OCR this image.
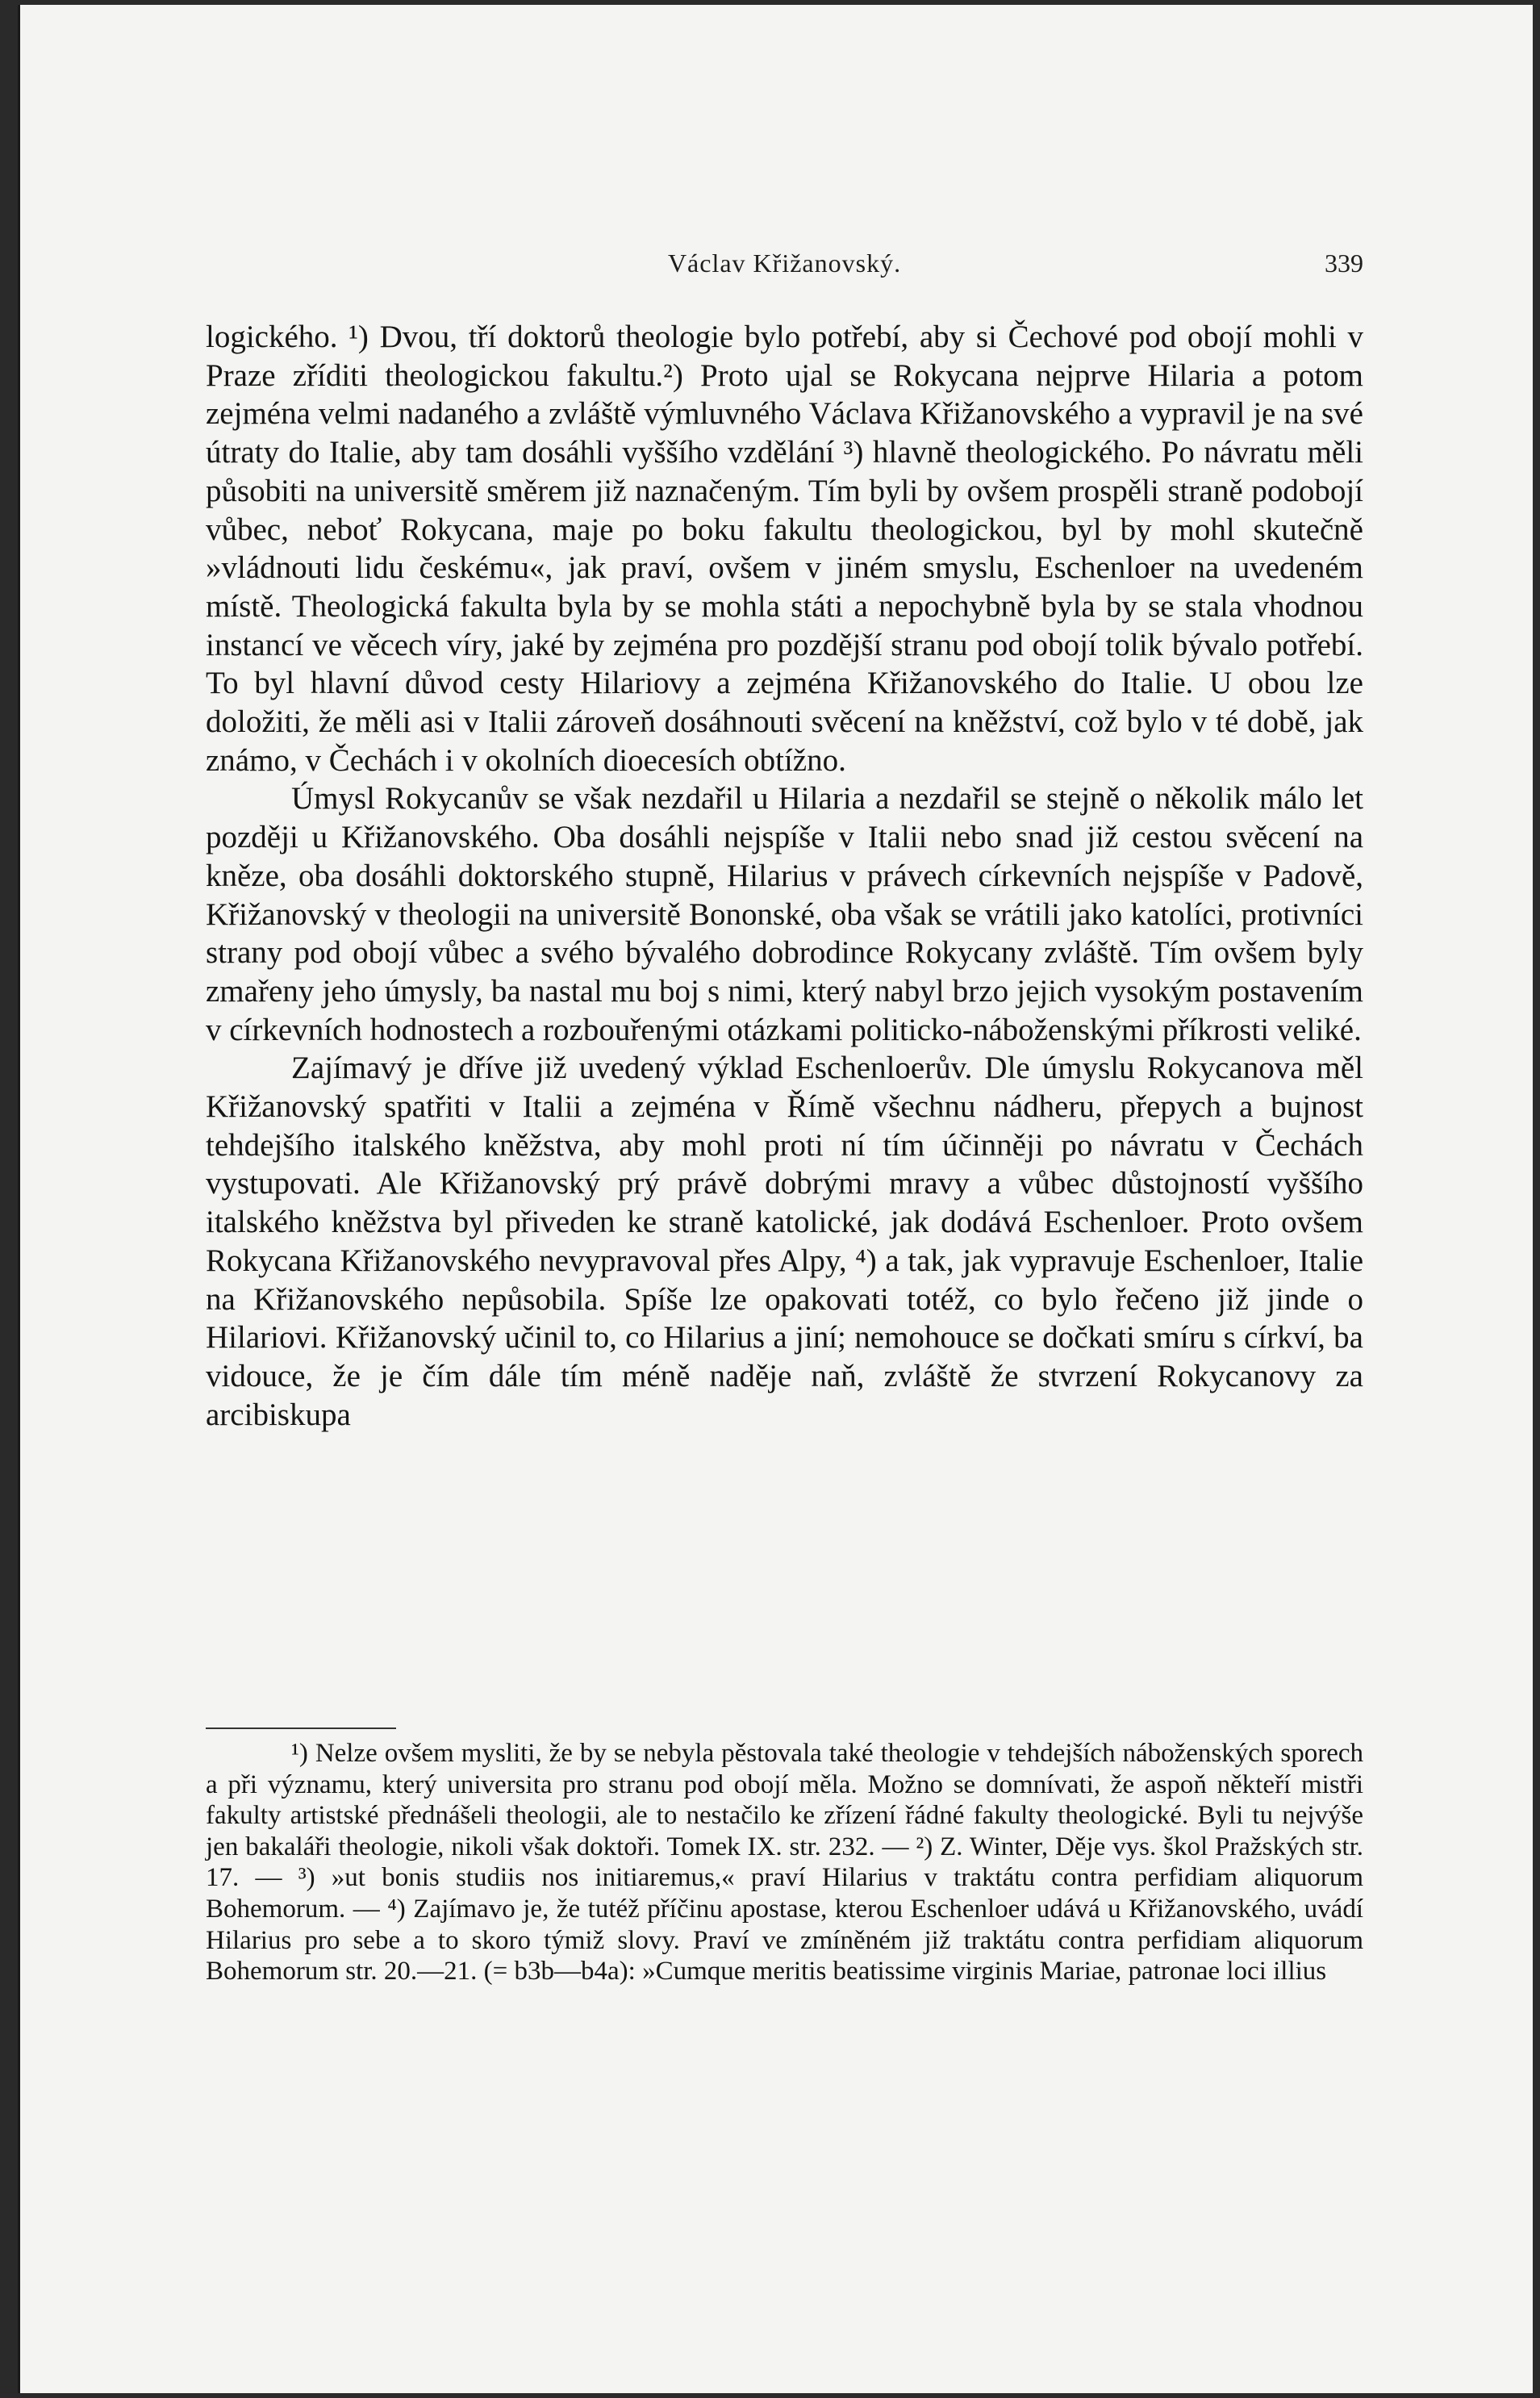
Václav Křižanovský.	339

logického. ¹) Dvou, tří doktorů theologie bylo potřebí, aby si Čechové pod obojí mohli v Praze zříditi theologickou fakultu.²) Proto ujal se Rokycana nejprve Hilaria a potom zejména velmi nadaného a zvláště výmluvného Václava Křižanovského a vypravil je na své útraty do Italie, aby tam dosáhli vyššího vzdělání ³) hlavně theologického. Po návratu měli působiti na universitě směrem již naznačeným. Tím byli by ovšem prospěli straně podobojí vůbec, neboť Rokycana, maje po boku fakultu theologickou, byl by mohl skutečně »vládnouti lidu českému«, jak praví, ovšem v jiném smyslu, Eschenloer na uvedeném místě. Theologická fakulta byla by se mohla státi a nepochybně byla by se stala vhodnou instancí ve věcech víry, jaké by zejména pro pozdější stranu pod obojí tolik bývalo potřebí. To byl hlavní důvod cesty Hilariovy a zejména Křižanovského do Italie. U obou lze doložiti, že měli asi v Italii zároveň dosáhnouti svěcení na kněžství, což bylo v té době, jak známo, v Čechách i v okolních dioecesích obtížno.

Úmysl Rokycanův se však nezdařil u Hilaria a nezdařil se stejně o několik málo let později u Křižanovského. Oba dosáhli nejspíše v Italii nebo snad již cestou svěcení na kněze, oba dosáhli doktorského stupně, Hilarius v právech církevních nejspíše v Padově, Křižanovský v theologii na universitě Bononské, oba však se vrátili jako katolíci, protivníci strany pod obojí vůbec a svého bývalého dobrodince Rokycany zvláště. Tím ovšem byly zmařeny jeho úmysly, ba nastal mu boj s nimi, který nabyl brzo jejich vysokým postavením v církevních hodnostech a rozbouřenými otázkami politicko-náboženskými příkrosti veliké.

Zajímavý je dříve již uvedený výklad Eschenloerův. Dle úmyslu Rokycanova měl Křižanovský spatřiti v Italii a zejména v Římě všechnu nádheru, přepych a bujnost tehdejšího italského kněžstva, aby mohl proti ní tím účinněji po návratu v Čechách vystupovati. Ale Křižanovský prý právě dobrými mravy a vůbec důstojností vyššího italského kněžstva byl přiveden ke straně katolické, jak dodává Eschenloer. Proto ovšem Rokycana Křižanovského nevypravoval přes Alpy, ⁴) a tak, jak vypravuje Eschenloer, Italie na Křižanovského nepůsobila. Spíše lze opakovati totéž, co bylo řečeno již jinde o Hilariovi. Křižanovský učinil to, co Hilarius a jiní; nemohouce se dočkati smíru s církví, ba vidouce, že je čím dále tím méně naděje naň, zvláště že stvrzení Rokycanovy za arcibiskupa

¹) Nelze ovšem mysliti, že by se nebyla pěstovala také theologie v tehdejších náboženských sporech a při významu, který universita pro stranu pod obojí měla. Možno se domnívati, že aspoň někteří mistři fakulty artistské přednášeli theologii, ale to nestačilo ke zřízení řádné fakulty theologické. Byli tu nejvýše jen bakaláři theologie, nikoli však doktoři. Tomek IX. str. 232. — ²) Z. Winter, Děje vys. škol Pražských str. 17. — ³) »ut bonis studiis nos initiaremus,« praví Hilarius v traktátu contra perfidiam aliquorum Bohemorum. — ⁴) Zajímavo je, že tutéž příčinu apostase, kterou Eschenloer udává u Křižanovského, uvádí Hilarius pro sebe a to skoro týmiž slovy. Praví ve zmíněném již traktátu contra perfidiam aliquorum Bohemorum str. 20.—21. (= b3b—b4a): »Cumque meritis beatissime virginis Mariae, patronae loci illius
